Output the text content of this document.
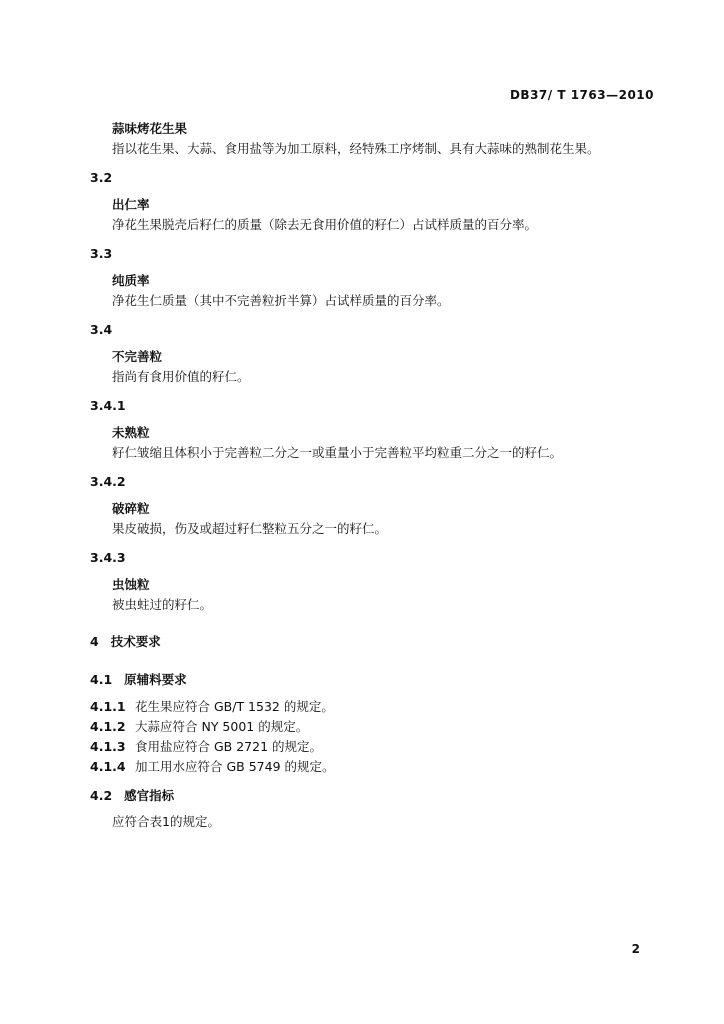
DB37/ T 1763—2010
蒜味烤花生果
指以花生果、大蒜、食用盐等为加工原料，经特殊工序烤制、具有大蒜味的熟制花生果。
3.2
出仁率
净花生果脱壳后籽仁的质量（除去无食用价值的籽仁）占试样质量的百分率。
3.3
纯质率
净花生仁质量（其中不完善粒折半算）占试样质量的百分率。
3.4
不完善粒
指尚有食用价值的籽仁。
3.4.1
未熟粒
籽仁皱缩且体积小于完善粒二分之一或重量小于完善粒平均粒重二分之一的籽仁。
3.4.2
破碎粒
果皮破损，伤及或超过籽仁整粒五分之一的籽仁。
3.4.3
虫蚀粒
被虫蛀过的籽仁。
4 技术要求
4.1 原辅料要求
4.1.1 花生果应符合 GB/T 1532 的规定。
4.1.2 大蒜应符合 NY 5001 的规定。
4.1.3 食用盐应符合 GB 2721 的规定。
4.1.4 加工用水应符合 GB 5749 的规定。
4.2 感官指标
应符合表1的规定。
2
